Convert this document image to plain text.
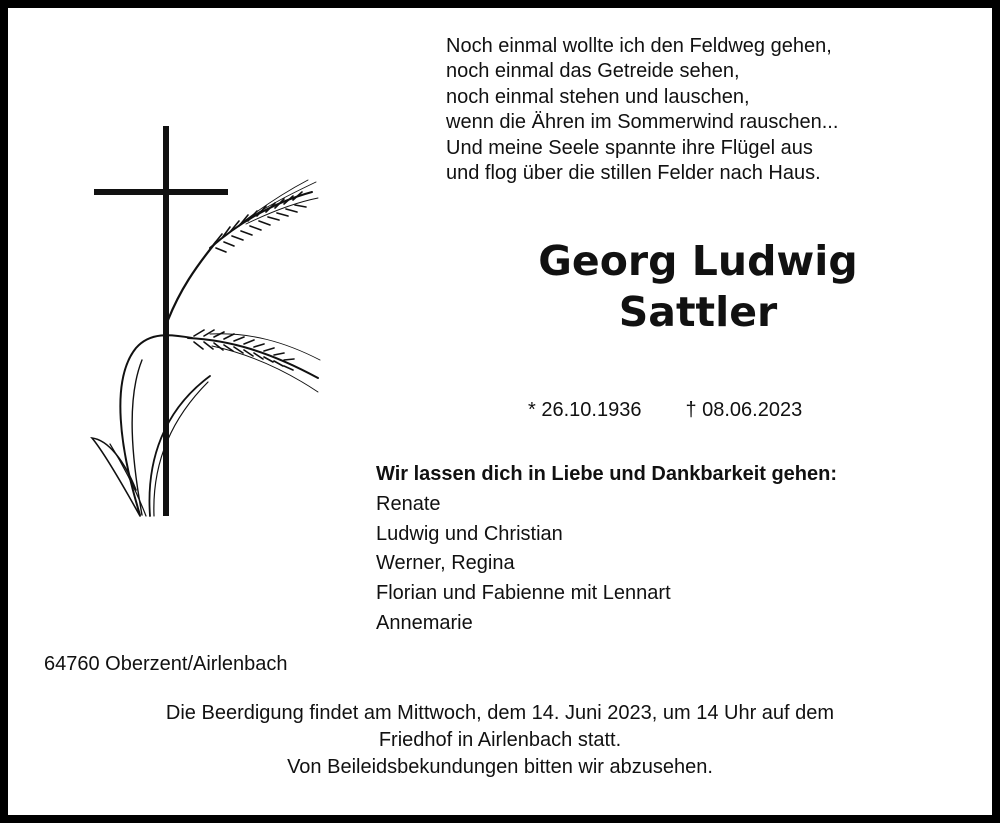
Noch einmal wollte ich den Feldweg gehen,
noch einmal das Getreide sehen,
noch einmal stehen und lauschen,
wenn die Ähren im Sommerwind rauschen...
Und meine Seele spannte ihre Flügel aus
und flog über die stillen Felder nach Haus.
Georg Ludwig
Sattler
* 26.10.1936 † 08.06.2023
Wir lassen dich in Liebe und Dankbarkeit gehen:
Renate
Ludwig und Christian
Werner, Regina
Florian und Fabienne mit Lennart
Annemarie
64760 Oberzent/Airlenbach
Die Beerdigung findet am Mittwoch, dem 14. Juni 2023, um 14 Uhr auf dem
Friedhof in Airlenbach statt.
Von Beileidsbekundungen bitten wir abzusehen.
